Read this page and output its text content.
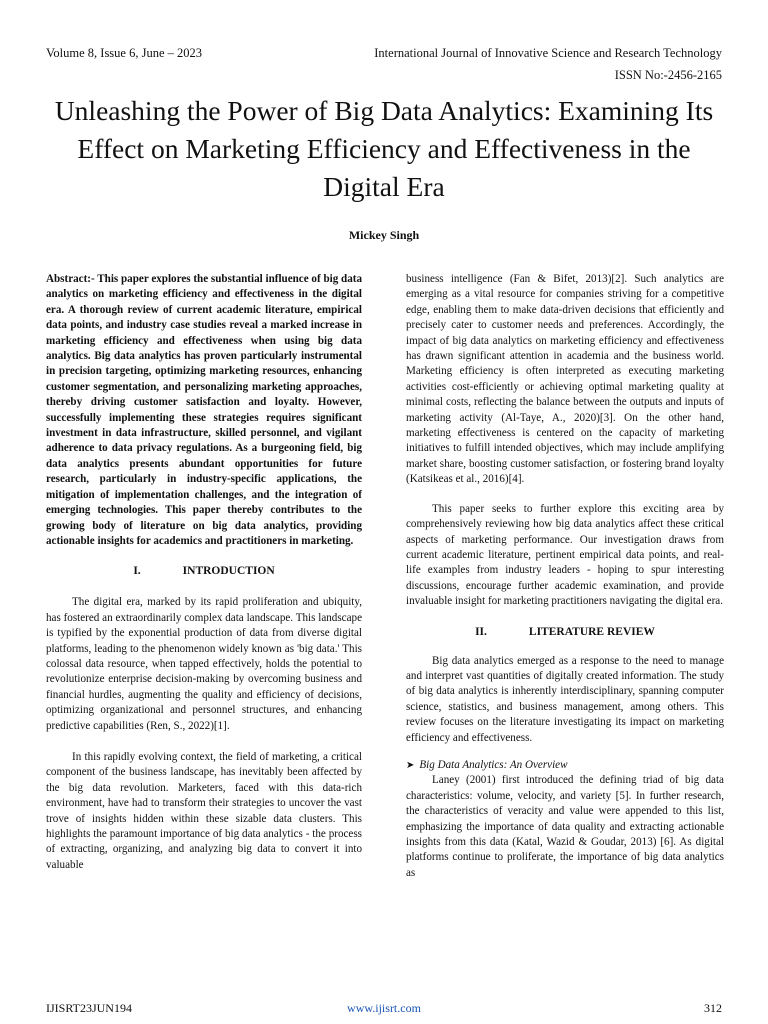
Volume 8, Issue 6, June – 2023	International Journal of Innovative Science and Research Technology
ISSN No:-2456-2165
Unleashing the Power of Big Data Analytics: Examining Its Effect on Marketing Efficiency and Effectiveness in the Digital Era
Mickey Singh

Abstract:- This paper explores the substantial influence of big data analytics on marketing efficiency and effectiveness in the digital era. A thorough review of current academic literature, empirical data points, and industry case studies reveal a marked increase in marketing efficiency and effectiveness when using big data analytics. Big data analytics has proven particularly instrumental in precision targeting, optimizing marketing resources, enhancing customer segmentation, and personalizing marketing approaches, thereby driving customer satisfaction and loyalty. However, successfully implementing these strategies requires significant investment in data infrastructure, skilled personnel, and vigilant adherence to data privacy regulations. As a burgeoning field, big data analytics presents abundant opportunities for future research, particularly in industry-specific applications, the mitigation of implementation challenges, and the integration of emerging technologies. This paper thereby contributes to the growing body of literature on big data analytics, providing actionable insights for academics and practitioners in marketing.

I.	INTRODUCTION

The digital era, marked by its rapid proliferation and ubiquity, has fostered an extraordinarily complex data landscape. This landscape is typified by the exponential production of data from diverse digital platforms, leading to the phenomenon widely known as 'big data.' This colossal data resource, when tapped effectively, holds the potential to revolutionize enterprise decision-making by overcoming business and financial hurdles, augmenting the quality and efficiency of decisions, optimizing organizational and personnel structures, and enhancing predictive capabilities (Ren, S., 2022)[1].

In this rapidly evolving context, the field of marketing, a critical component of the business landscape, has inevitably been affected by the big data revolution. Marketers, faced with this data-rich environment, have had to transform their strategies to uncover the vast trove of insights hidden within these sizable data clusters. This highlights the paramount importance of big data analytics - the process of extracting, organizing, and analyzing big data to convert it into valuable

business intelligence (Fan & Bifet, 2013)[2]. Such analytics are emerging as a vital resource for companies striving for a competitive edge, enabling them to make data-driven decisions that efficiently and precisely cater to customer needs and preferences. Accordingly, the impact of big data analytics on marketing efficiency and effectiveness has drawn significant attention in academia and the business world. Marketing efficiency is often interpreted as executing marketing activities cost-efficiently or achieving optimal marketing quality at minimal costs, reflecting the balance between the outputs and inputs of marketing activity (Al-Taye, A., 2020)[3]. On the other hand, marketing effectiveness is centered on the capacity of marketing initiatives to fulfill intended objectives, which may include amplifying market share, boosting customer satisfaction, or fostering brand loyalty (Katsikeas et al., 2016)[4].

This paper seeks to further explore this exciting area by comprehensively reviewing how big data analytics affect these critical aspects of marketing performance. Our investigation draws from current academic literature, pertinent empirical data points, and real-life examples from industry leaders - hoping to spur interesting discussions, encourage further academic examination, and provide invaluable insight for marketing practitioners navigating the digital era.

II.	LITERATURE REVIEW

Big data analytics emerged as a response to the need to manage and interpret vast quantities of digitally created information. The study of big data analytics is inherently interdisciplinary, spanning computer science, statistics, and business management, among others. This review focuses on the literature investigating its impact on marketing efficiency and effectiveness.

➤ Big Data Analytics: An Overview

Laney (2001) first introduced the defining triad of big data characteristics: volume, velocity, and variety [5]. In further research, the characteristics of veracity and value were appended to this list, emphasizing the importance of data quality and extracting actionable insights from this data (Katal, Wazid & Goudar, 2013) [6]. As digital platforms continue to proliferate, the importance of big data analytics as

IJISRT23JUN194	www.ijisrt.com	312
